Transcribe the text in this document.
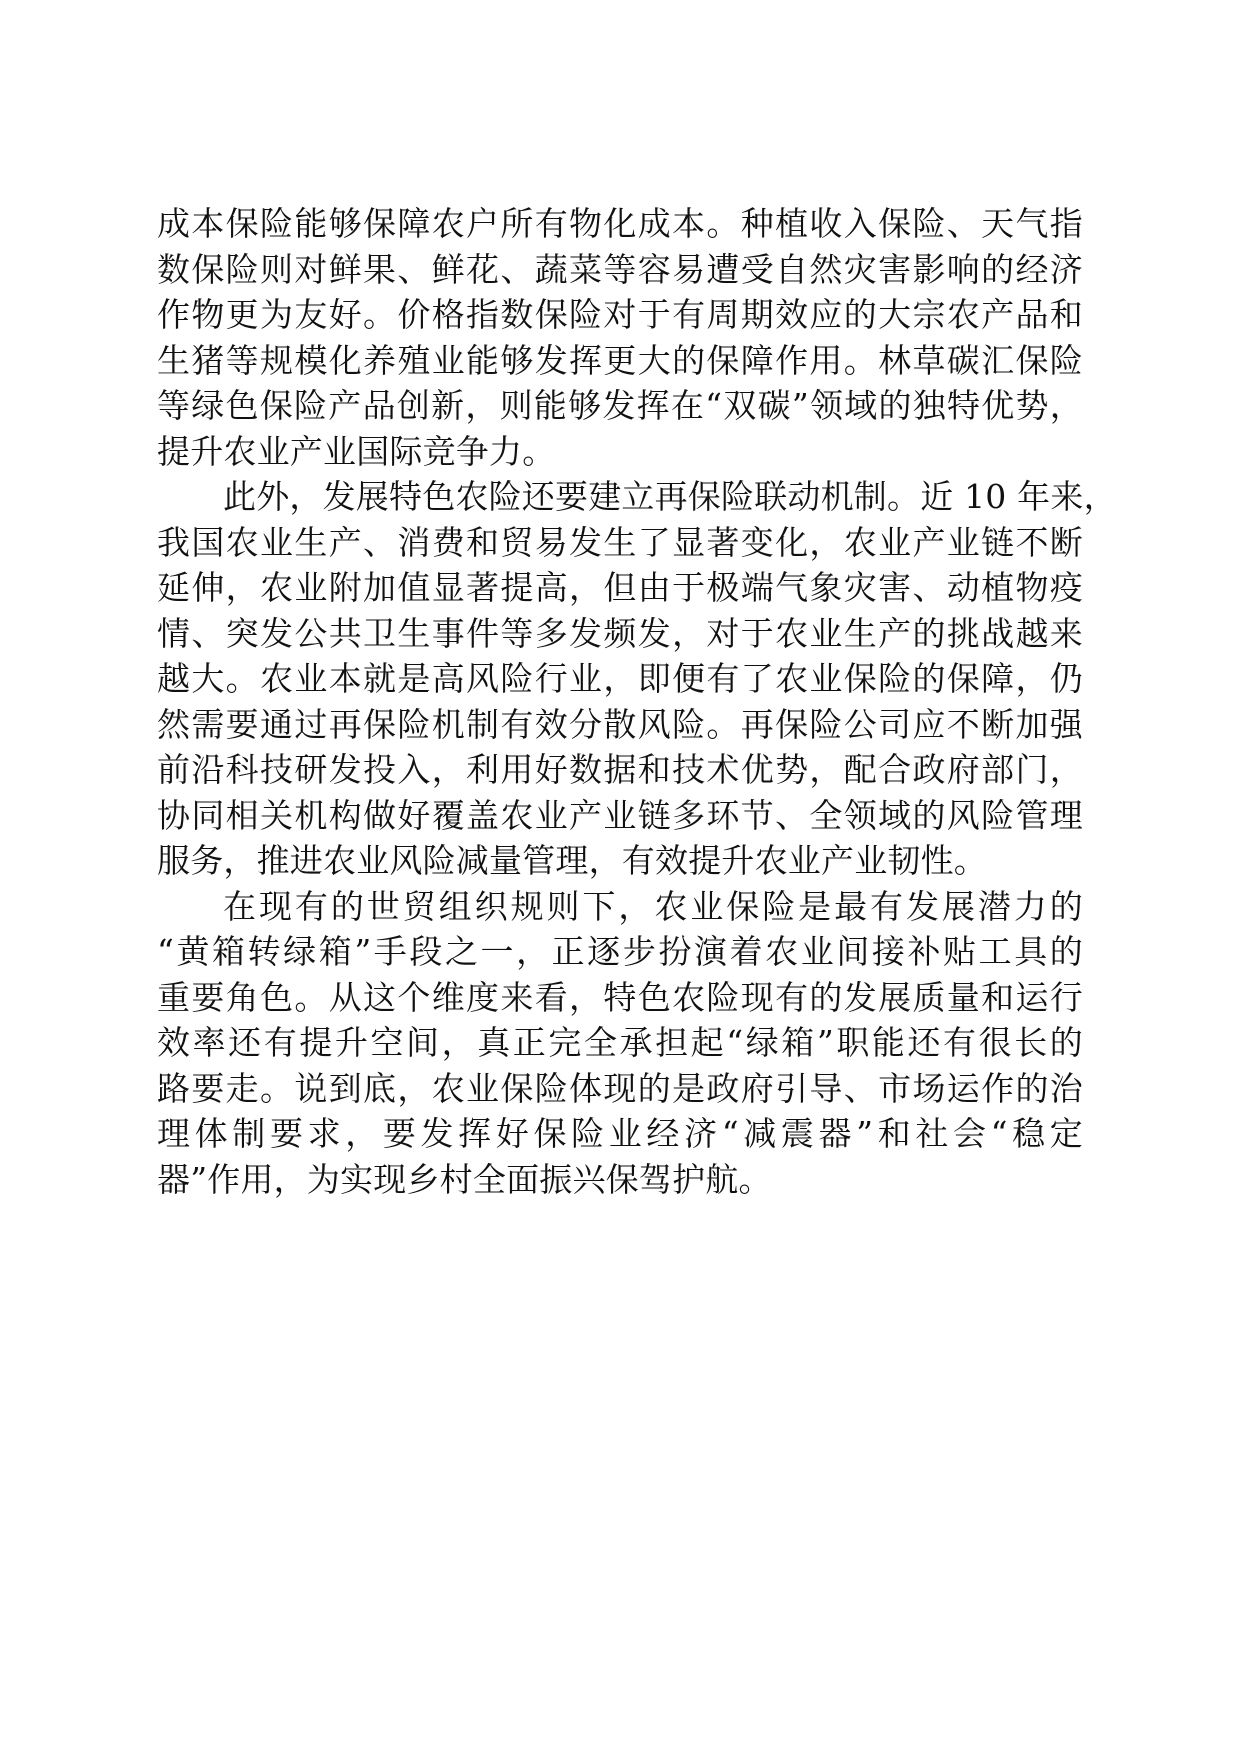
成本保险能够保障农户所有物化成本。种植收入保险、天气指
数保险则对鲜果、鲜花、蔬菜等容易遭受自然灾害影响的经济
作物更为友好。价格指数保险对于有周期效应的大宗农产品和
生猪等规模化养殖业能够发挥更大的保障作用。林草碳汇保险
等绿色保险产品创新，则能够发挥在“双碳”领域的独特优势，
提升农业产业国际竞争力。
此外，发展特色农险还要建立再保险联动机制。近 10 年来，
我国农业生产、消费和贸易发生了显著变化，农业产业链不断
延伸，农业附加值显著提高，但由于极端气象灾害、动植物疫
情、突发公共卫生事件等多发频发，对于农业生产的挑战越来
越大。农业本就是高风险行业，即便有了农业保险的保障，仍
然需要通过再保险机制有效分散风险。再保险公司应不断加强
前沿科技研发投入，利用好数据和技术优势，配合政府部门，
协同相关机构做好覆盖农业产业链多环节、全领域的风险管理
服务，推进农业风险减量管理，有效提升农业产业韧性。
在现有的世贸组织规则下，农业保险是最有发展潜力的
“黄箱转绿箱”手段之一，正逐步扮演着农业间接补贴工具的
重要角色。从这个维度来看，特色农险现有的发展质量和运行
效率还有提升空间，真正完全承担起“绿箱”职能还有很长的
路要走。说到底，农业保险体现的是政府引导、市场运作的治
理体制要求，要发挥好保险业经济“减震器”和社会“稳定
器”作用，为实现乡村全面振兴保驾护航。
